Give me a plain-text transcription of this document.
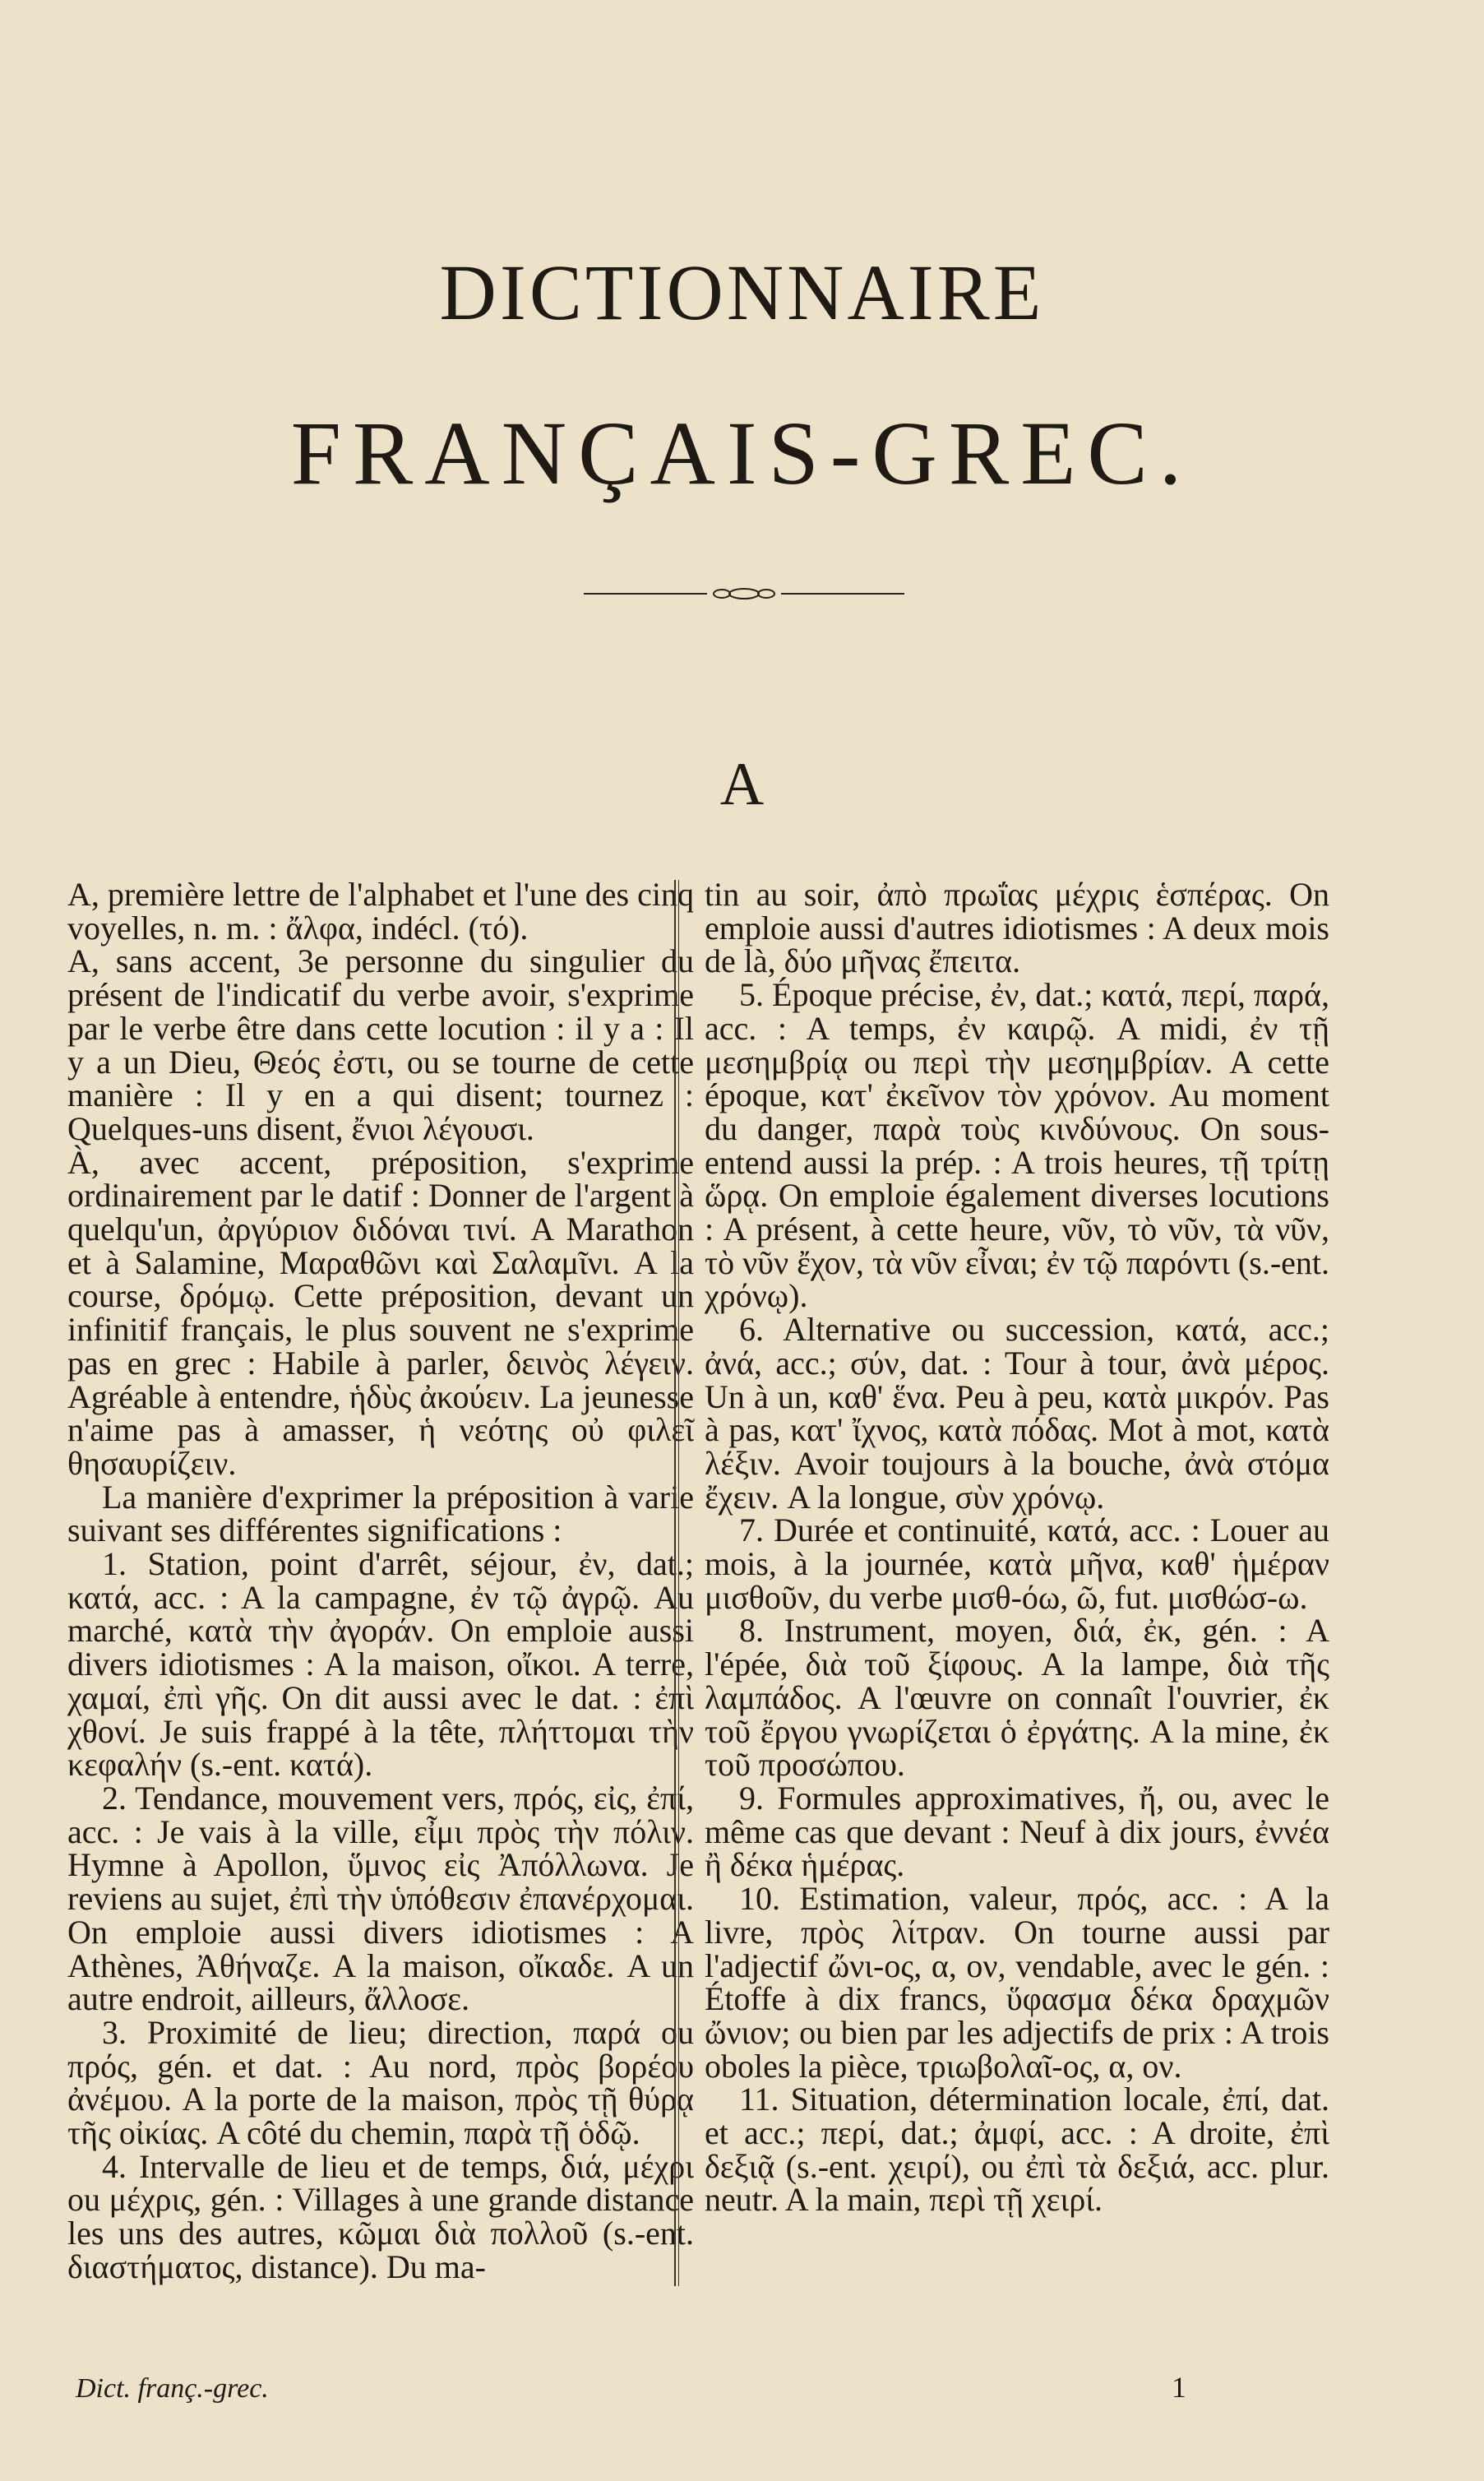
DICTIONNAIRE
FRANÇAIS-GREC.
A

A, première lettre de l'alphabet et l'une des cinq voyelles, n. m. : ἄλφα, indécl. (τό).

A, sans accent, 3e personne du singulier du présent de l'indicatif du verbe avoir, s'exprime par le verbe être dans cette locution : il y a : Il y a un Dieu, Θεός ἐστι, ou se tourne de cette manière : Il y en a qui disent; tournez : Quelques-uns disent, ἔνιοι λέγουσι.

À, avec accent, préposition, s'exprime ordinairement par le datif : Donner de l'argent à quelqu'un, ἀργύριον διδόναι τινί. A Marathon et à Salamine, Μαραθῶνι καὶ Σαλαμῖνι. A la course, δρόμῳ. Cette préposition, devant un infinitif français, le plus souvent ne s'exprime pas en grec : Habile à parler, δεινὸς λέγειν. Agréable à entendre, ἡδὺς ἀκούειν. La jeunesse n'aime pas à amasser, ἡ νεότης οὐ φιλεῖ θησαυρίζειν.

La manière d'exprimer la préposition à varie suivant ses différentes significations :

1. Station, point d'arrêt, séjour, ἐν, dat.; κατά, acc. : A la campagne, ἐν τῷ ἀγρῷ. Au marché, κατὰ τὴν ἀγοράν. On emploie aussi divers idiotismes : A la maison, οἴκοι. A terre, χαμαί, ἐπὶ γῆς. On dit aussi avec le dat. : ἐπὶ χθονί. Je suis frappé à la tête, πλήττομαι τὴν κεφαλήν (s.-ent. κατά).

2. Tendance, mouvement vers, πρός, εἰς, ἐπί, acc. : Je vais à la ville, εἶμι πρὸς τὴν πόλιν. Hymne à Apollon, ὕμνος εἰς Ἀπόλλωνα. Je reviens au sujet, ἐπὶ τὴν ὑπόθεσιν ἐπανέρχομαι. On emploie aussi divers idiotismes : A Athènes, Ἀθήναζε. A la maison, οἴκαδε. A un autre endroit, ailleurs, ἄλλοσε.

3. Proximité de lieu; direction, παρά ou πρός, gén. et dat. : Au nord, πρὸς βορέου ἀνέμου. A la porte de la maison, πρὸς τῇ θύρᾳ τῆς οἰκίας. A côté du chemin, παρὰ τῇ ὁδῷ.

4. Intervalle de lieu et de temps, διά, μέχρι ou μέχρις, gén. : Villages à une grande distance les uns des autres, κῶμαι διὰ πολλοῦ (s.-ent. διαστήματος, distance). Du ma-

tin au soir, ἀπὸ πρωΐας μέχρις ἑσπέρας. On emploie aussi d'autres idiotismes : A deux mois de là, δύο μῆνας ἔπειτα.

5. Époque précise, ἐν, dat.; κατά, περί, παρά, acc. : A temps, ἐν καιρῷ. A midi, ἐν τῇ μεσημβρίᾳ ou περὶ τὴν μεσημβρίαν. A cette époque, κατ' ἐκεῖνον τὸν χρόνον. Au moment du danger, παρὰ τοὺς κινδύνους. On sous-entend aussi la prép. : A trois heures, τῇ τρίτῃ ὥρᾳ. On emploie également diverses locutions : A présent, à cette heure, νῦν, τὸ νῦν, τὰ νῦν, τὸ νῦν ἔχον, τὰ νῦν εἶναι; ἐν τῷ παρόντι (s.-ent. χρόνῳ).

6. Alternative ou succession, κατά, acc.; ἀνά, acc.; σύν, dat. : Tour à tour, ἀνὰ μέρος. Un à un, καθ' ἕνα. Peu à peu, κατὰ μικρόν. Pas à pas, κατ' ἴχνος, κατὰ πόδας. Mot à mot, κατὰ λέξιν. Avoir toujours à la bouche, ἀνὰ στόμα ἔχειν. A la longue, σὺν χρόνῳ.

7. Durée et continuité, κατά, acc. : Louer au mois, à la journée, κατὰ μῆνα, καθ' ἡμέραν μισθοῦν, du verbe μισθ-όω, ῶ, fut. μισθώσ-ω.

8. Instrument, moyen, διά, ἐκ, gén. : A l'épée, διὰ τοῦ ξίφους. A la lampe, διὰ τῆς λαμπάδος. A l'œuvre on connaît l'ouvrier, ἐκ τοῦ ἔργου γνωρίζεται ὁ ἐργάτης. A la mine, ἐκ τοῦ προσώπου.

9. Formules approximatives, ἤ, ou, avec le même cas que devant : Neuf à dix jours, ἐννέα ἢ δέκα ἡμέρας.

10. Estimation, valeur, πρός, acc. : A la livre, πρὸς λίτραν. On tourne aussi par l'adjectif ὤνι-ος, α, ον, vendable, avec le gén. : Étoffe à dix francs, ὕφασμα δέκα δραχμῶν ὤνιον; ou bien par les adjectifs de prix : A trois oboles la pièce, τριωβολαῖ-ος, α, ον.

11. Situation, détermination locale, ἐπί, dat. et acc.; περί, dat.; ἀμφί, acc. : A droite, ἐπὶ δεξιᾷ (s.-ent. χειρί), ou ἐπὶ τὰ δεξιά, acc. plur. neutr. A la main, περὶ τῇ χειρί.

Dict. franç.-grec.	1
